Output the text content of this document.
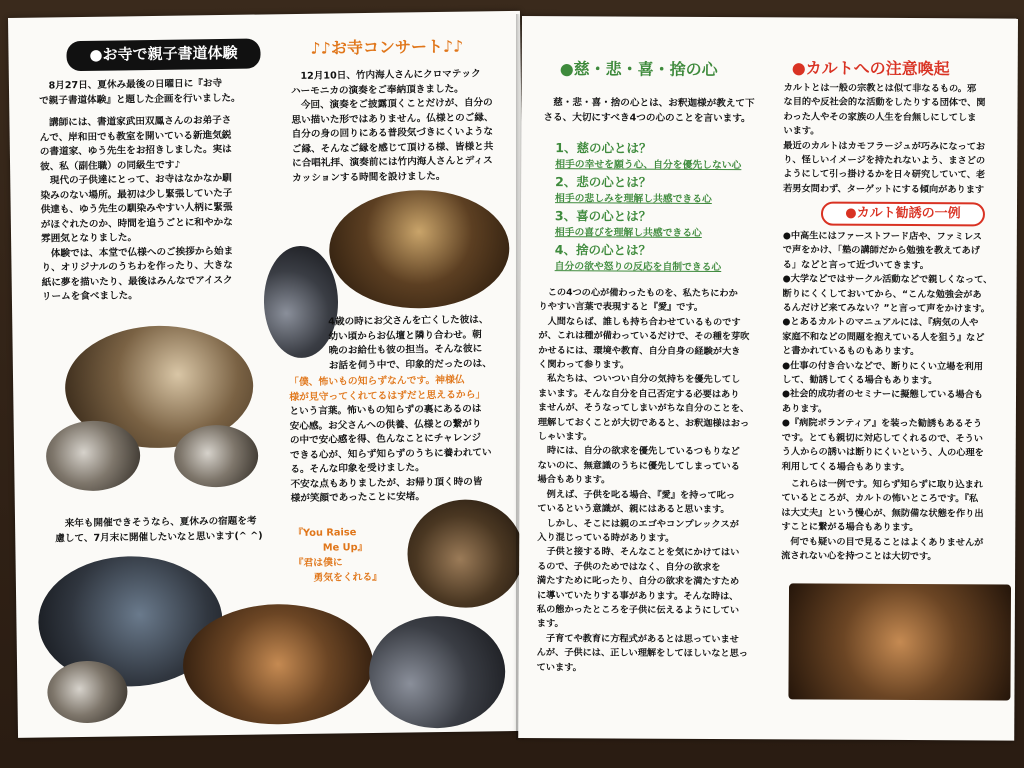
●お寺で親子書道体験
　8月27日、夏休み最後の日曜日に『お寺
で親子書道体験』と題した企画を行いました。
　講師には、書道家武田双鳳さんのお弟子さ
んで、岸和田でも教室を開いている新進気鋭
の書道家、ゆう先生をお招きしました。実は
彼、私（副住職）の同級生です♪
　現代の子供達にとって、お寺はなかなか馴
染みのない場所。最初は少し緊張していた子
供達も、ゆう先生の馴染みやすい人柄に緊張
がほぐれたのか、時間を追うごとに和やかな
雰囲気となりました。
　体験では、本堂で仏様へのご挨拶から始ま
り、オリジナルのうちわを作ったり、大きな
紙に夢を描いたり、最後はみんなでアイスク
リームを食べました。
♪♪お寺コンサート♪♪
　12月10日、竹内海人さんにクロマテック
ハーモニカの演奏をご奉納頂きました。
　今回、演奏をご披露頂くことだけが、自分の
思い描いた形ではありません。仏様とのご縁、
自分の身の回りにある普段気づきにくいような
ご縁、そんなご縁を感じて頂ける様、皆様と共
に合唱礼拝、演奏前には竹内海人さんとディス
カッションする時間を設けました。
4歳の時にお父さんを亡くした彼は、
幼い頃からお仏壇と隣り合わせ。朝
晩のお給仕も彼の担当。そんな彼に
お話を伺う中で、印象的だったのは、
「僕、怖いもの知らずなんです。神様仏
様が見守ってくれてるはずだと思えるから」
という言葉。怖いもの知らずの裏にあるのは
安心感。お父さんへの供養、仏様との繋がり
の中で安心感を得、色んなことにチャレンジ
できる心が、知らず知らずのうちに養われてい
る。そんな印象を受けました。
不安な点もありましたが、お帰り頂く時の皆
様が笑顔であったことに安堵。
　来年も開催できそうなら、夏休みの宿題を考
慮して、7月末に開催したいなと思います(^ ^)	『You Raise
　　　Me Up』
『君は僕に
　　勇気をくれる』
●慈・悲・喜・捨の心
　慈・悲・喜・捨の心とは、お釈迦様が教えて下
さる、大切にすべき4つの心のことを言います。
1、慈の心とは？
相手の幸せを願う心、自分を優先しない心
2、悲の心とは？
相手の悲しみを理解し共感できる心
3、喜の心とは？
相手の喜びを理解し共感できる心
4、捨の心とは？
自分の欲や怒りの反応を自制できる心
　この4つの心が備わったものを、私たちにわか
りやすい言葉で表現すると『愛』です。
　人間ならば、誰しも持ち合わせているものです
が、これは種が備わっているだけで、その種を芽吹
かせるには、環境や教育、自分自身の経験が大き
く関わって参ります。
　私たちは、ついつい自分の気持ちを優先してし
まいます。そんな自分を自己否定する必要はあり
ませんが、そうなってしまいがちな自分のことを、
理解しておくことが大切であると、お釈迦様はおっ
しゃいます。
　時には、自分の欲求を優先しているつもりなど
ないのに、無意識のうちに優先してしまっている
場合もあります。
　例えば、子供を叱る場合、『愛』を持って叱っ
ているという意識が、親にはあると思います。
　しかし、そこには親のエゴやコンプレックスが
入り混じっている時があります。
　子供と接する時、そんなことを気にかけてはい
るので、子供のためではなく、自分の欲求を
満たすために叱ったり、自分の欲求を満たすため
に導いていたりする事があります。そんな時は、
私の態かったところを子供に伝えるようにしてい
ます。
　子育てや教育に方程式があるとは思っていませ
んが、子供には、正しい理解をしてほしいなと思っ
ています。
●カルトへの注意喚起
カルトとは一般の宗教とは似て非なるもの。邪
な目的や反社会的な活動をしたりする団体で、関
わった人やその家族の人生を台無しにしてしま
います。
最近のカルトはカモフラージュが巧みになってお
り、怪しいイメージを持たれないよう、まさどの
ようにして引っ掛けるかを日々研究していて、老
若男女問わず、ターゲットにする傾向があります
●カルト勧誘の一例
●中高生にはファーストフード店や、ファミレス
で声をかけ、「塾の講師だから勉強を教えてあげ
る」などと言って近づいてきます。
●大学などではサークル活動などで親しくなって、
断りにくくしておいてから、“こんな勉強会があ
るんだけど来てみない？”と言って声をかけます。
●とあるカルトのマニュアルには、『病気の人や
家庭不和などの問題を抱えている人を狙う』など
と書かれているものもあります。
●仕事の付き合いなどで、断りにくい立場を利用
して、勧誘してくる場合もあります。
●社会的成功者のセミナーに擬態している場合も
あります。
●『病院ボランティア』を装った勧誘もあるそう
です。とても親切に対応してくれるので、そうい
う人からの誘いは断りにくいという、人の心理を
利用してくる場合もあります。
　これらは一例です。知らず知らずに取り込まれ
ているところが、カルトの怖いところです。『私
は大丈夫』という慢心が、無防備な状態を作り出
すことに繋がる場合もあります。
　何でも疑いの目で見ることはよくありませんが
流されない心を持つことは大切です。
